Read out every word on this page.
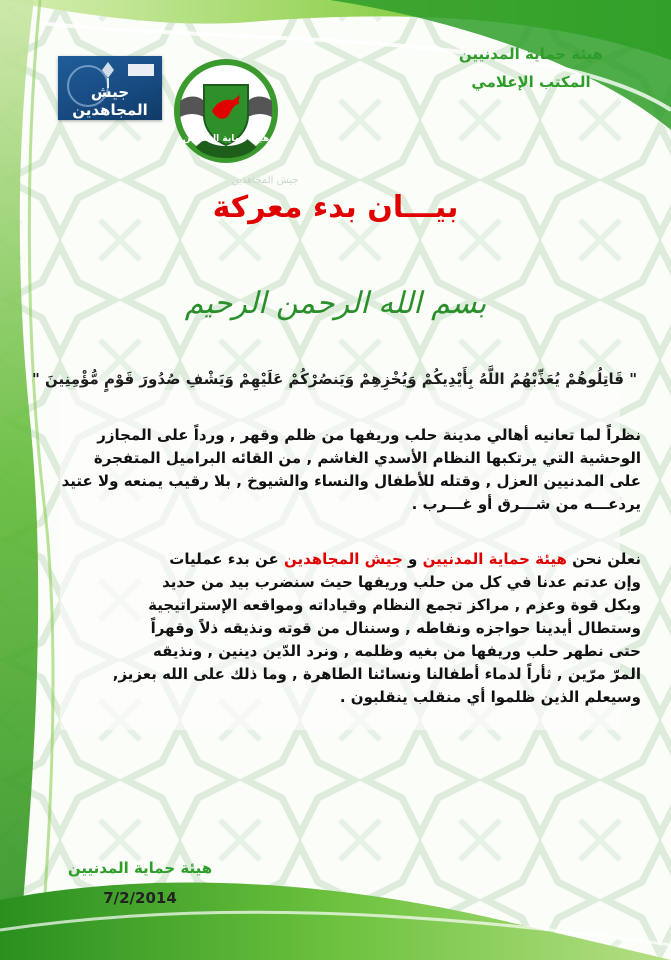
هيئة حماية المدنيين
المكتب الإعلامي
جيش المجاهدين
هيئة حماية المدنيين
جيش المجاهدين
بيـــان بدء معركة
بسم الله الرحمن الرحيم
" قَاتِلُوهُمْ يُعَذِّبْهُمُ اللَّهُ بِأَيْدِيكُمْ وَيُخْزِهِمْ وَيَنصُرْكُمْ عَلَيْهِمْ وَيَشْفِ صُدُورَ قَوْمٍ مُّؤْمِنِينَ "
نظراً لما تعانيه أهالي مدينة حلب وريفها من ظلم وقهر , ورداً على المجازر
الوحشية التي يرتكبها النظام الأسدي الغاشم , من القائه البراميل المتفجرة
على المدنيين العزل , وقتله للأطفال والنساء والشيوخ , بلا رقيب يمنعه ولا عتيد
يردعـــه من شـــرق أو غـــرب .
نعلن نحن هيئة حماية المدنيين و جيش المجاهدين عن بدء عمليات
وإن عدتم عدنا في كل من حلب وريفها حيث سنضرب بيد من حديد
وبكل قوة وعزم , مراكز تجمع النظام وقياداته ومواقعه الإستراتيجية
وستطال أيدينا حواجزه ونقاطه , وسننال من قوته ونذيقه ذلاً وقهراً
حتى نطهر حلب وريفها من بغيه وظلمه , ونرد الدّين دينين , ونذيقه
المرّ مرّين , ثأراً لدماء أطفالنا ونسائنا الطاهرة , وما ذلك على الله بعزيز,
وسيعلم الذين ظلموا أي منقلب ينقلبون .
هيئة حماية المدنيين
7/2/2014
